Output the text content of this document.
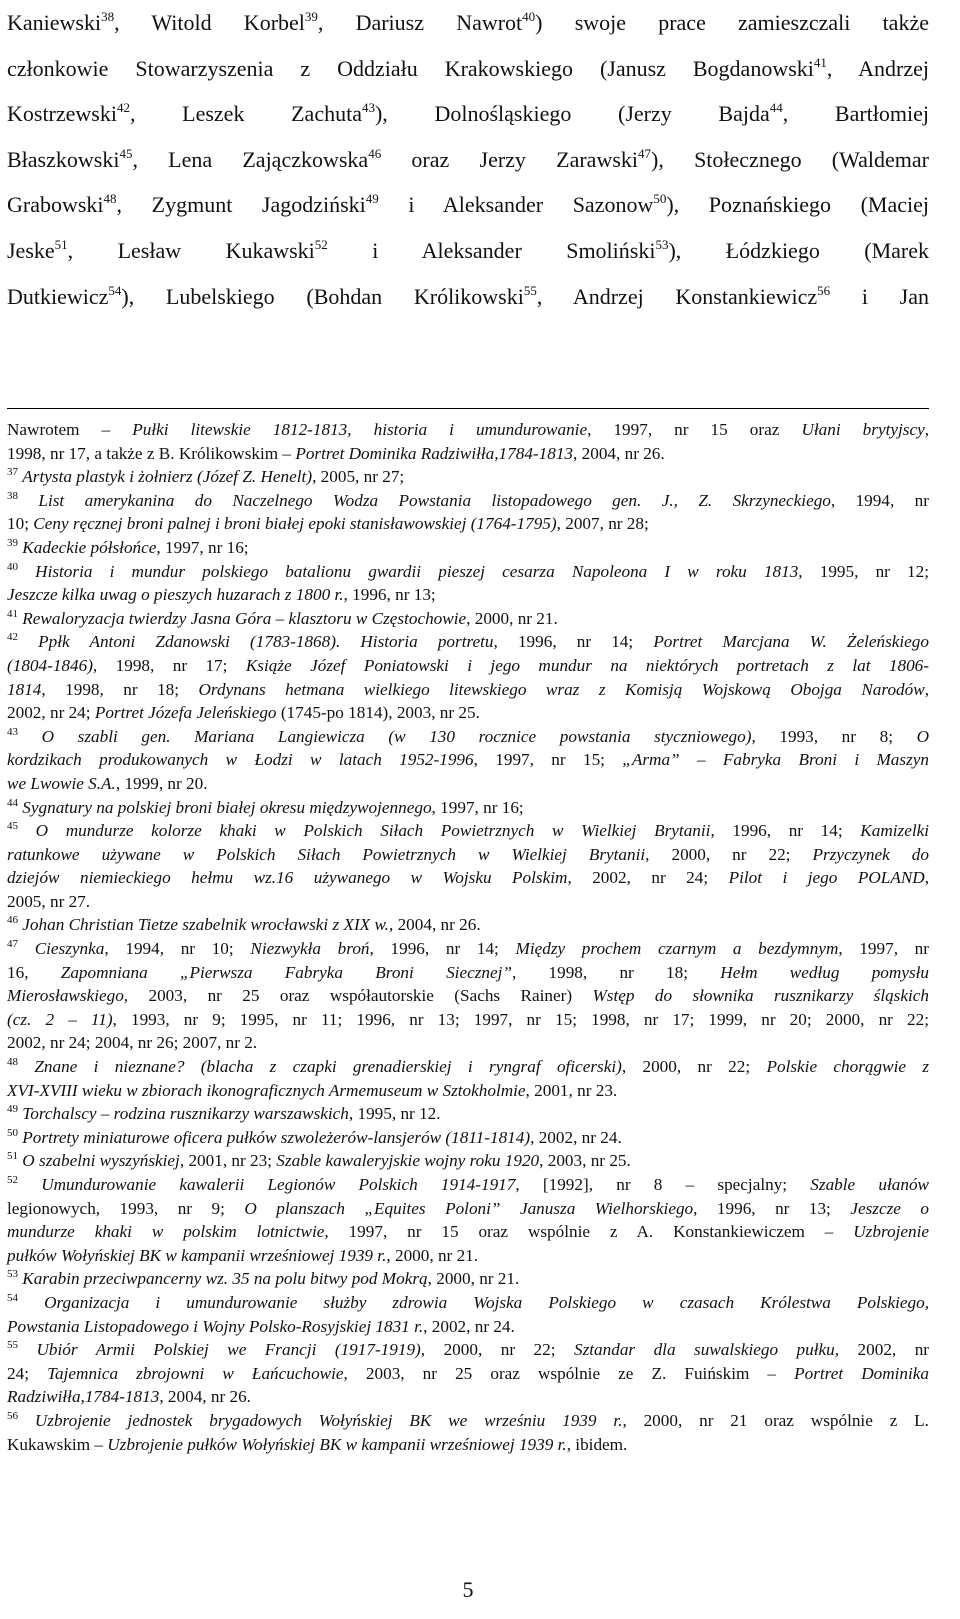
Kaniewski$^{38}$, Witold Korbel$^{39}$, Dariusz Nawrot$^{40}$) swoje prace zamieszczali także
członkowie Stowarzyszenia z Oddziału Krakowskiego (Janusz Bogdanowski$^{41}$, Andrzej
Kostrzewski$^{42}$, Leszek Zachuta$^{43}$), Dolnośląskiego (Jerzy Bajda$^{44}$, Bartłomiej
Błaszkowski$^{45}$, Lena Zajączkowska$^{46}$ oraz Jerzy Zarawski$^{47}$), Stołecznego (Waldemar
Grabowski$^{48}$, Zygmunt Jagodziński$^{49}$ i Aleksander Sazonow$^{50}$), Poznańskiego (Maciej
Jeske$^{51}$, Lesław Kukawski$^{52}$ i Aleksander Smoliński$^{53}$), Łódzkiego (Marek
Dutkiewicz$^{54}$), Lubelskiego (Bohdan Królikowski$^{55}$, Andrzej Konstankiewicz$^{56}$ i Jan
Nawrotem – Pułki litewskie 1812-1813, historia i umundurowanie, 1997, nr 15 oraz Ułani brytyjscy,
1998, nr 17, a także z B. Królikowskim – Portret Dominika Radziwiłła,1784-1813, 2004, nr 26.
$^{37}$ Artysta plastyk i żołnierz (Józef Z. Henelt), 2005, nr 27;
$^{38}$ List amerykanina do Naczelnego Wodza Powstania listopadowego gen. J., Z. Skrzyneckiego, 1994, nr
10; Ceny ręcznej broni palnej i broni białej epoki stanisławowskiej (1764-1795), 2007, nr 28;
$^{39}$ Kadeckie półsłońce, 1997, nr 16;
$^{40}$ Historia i mundur polskiego batalionu gwardii pieszej cesarza Napoleona I w roku 1813, 1995, nr 12;
Jeszcze kilka uwag o pieszych huzarach z 1800 r., 1996, nr 13;
$^{41}$ Rewaloryzacja twierdzy Jasna Góra – klasztoru w Częstochowie, 2000, nr 21.
$^{42}$ Ppłk Antoni Zdanowski (1783-1868). Historia portretu, 1996, nr 14; Portret Marcjana W. Żeleńskiego
(1804-1846), 1998, nr 17; Książe Józef Poniatowski i jego mundur na niektórych portretach z lat 1806-
1814, 1998, nr 18; Ordynans hetmana wielkiego litewskiego wraz z Komisją Wojskową Obojga Narodów,
2002, nr 24; Portret Józefa Jeleńskiego (1745-po 1814), 2003, nr 25.
$^{43}$ O szabli gen. Mariana Langiewicza (w 130 rocznice powstania styczniowego), 1993, nr 8; O
kordzikach produkowanych w Łodzi w latach 1952-1996, 1997, nr 15; „Arma” – Fabryka Broni i Maszyn
we Lwowie S.A., 1999, nr 20.
$^{44}$ Sygnatury na polskiej broni białej okresu międzywojennego, 1997, nr 16;
$^{45}$ O mundurze kolorze khaki w Polskich Siłach Powietrznych w Wielkiej Brytanii, 1996, nr 14; Kamizelki
ratunkowe używane w Polskich Siłach Powietrznych w Wielkiej Brytanii, 2000, nr 22; Przyczynek do
dziejów niemieckiego hełmu wz.16 używanego w Wojsku Polskim, 2002, nr 24; Pilot i jego POLAND,
2005, nr 27.
$^{46}$ Johan Christian Tietze szabelnik wrocławski z XIX w., 2004, nr 26.
$^{47}$ Cieszynka, 1994, nr 10; Niezwykła broń, 1996, nr 14; Między prochem czarnym a bezdymnym, 1997, nr
16, Zapomniana „Pierwsza Fabryka Broni Siecznej”, 1998, nr 18; Hełm według pomysłu
Mierosławskiego, 2003, nr 25 oraz współautorskie (Sachs Rainer) Wstęp do słownika rusznikarzy śląskich
(cz. 2 – 11), 1993, nr 9; 1995, nr 11; 1996, nr 13; 1997, nr 15; 1998, nr 17; 1999, nr 20; 2000, nr 22;
2002, nr 24; 2004, nr 26; 2007, nr 2.
$^{48}$ Znane i nieznane? (blacha z czapki grenadierskiej i ryngraf oficerski), 2000, nr 22; Polskie chorągwie z
XVI-XVIII wieku w zbiorach ikonograficznych Armemuseum w Sztokholmie, 2001, nr 23.
$^{49}$ Torchalscy – rodzina rusznikarzy warszawskich, 1995, nr 12.
$^{50}$ Portrety miniaturowe oficera pułków szwoleżerów-lansjerów (1811-1814), 2002, nr 24.
$^{51}$ O szabelni wyszyńskiej, 2001, nr 23; Szable kawaleryjskie wojny roku 1920, 2003, nr 25.
$^{52}$ Umundurowanie kawalerii Legionów Polskich 1914-1917, [1992], nr 8 – specjalny; Szable ułanów
legionowych, 1993, nr 9; O planszach „Equites Poloni” Janusza Wielhorskiego, 1996, nr 13; Jeszcze o
mundurze khaki w polskim lotnictwie, 1997, nr 15 oraz wspólnie z A. Konstankiewiczem – Uzbrojenie
pułków Wołyńskiej BK w kampanii wrześniowej 1939 r., 2000, nr 21.
$^{53}$ Karabin przeciwpancerny wz. 35 na polu bitwy pod Mokrą, 2000, nr 21.
$^{54}$ Organizacja i umundurowanie służby zdrowia Wojska Polskiego w czasach Królestwa Polskiego,
Powstania Listopadowego i Wojny Polsko-Rosyjskiej 1831 r., 2002, nr 24.
$^{55}$ Ubiór Armii Polskiej we Francji (1917-1919), 2000, nr 22; Sztandar dla suwalskiego pułku, 2002, nr
24; Tajemnica zbrojowni w Łańcuchowie, 2003, nr 25 oraz wspólnie ze Z. Fuińskim – Portret Dominika
Radziwiłła,1784-1813, 2004, nr 26.
$^{56}$ Uzbrojenie jednostek brygadowych Wołyńskiej BK we wrześniu 1939 r., 2000, nr 21 oraz wspólnie z L.
Kukawskim – Uzbrojenie pułków Wołyńskiej BK w kampanii wrześniowej 1939 r., ibidem.
5
